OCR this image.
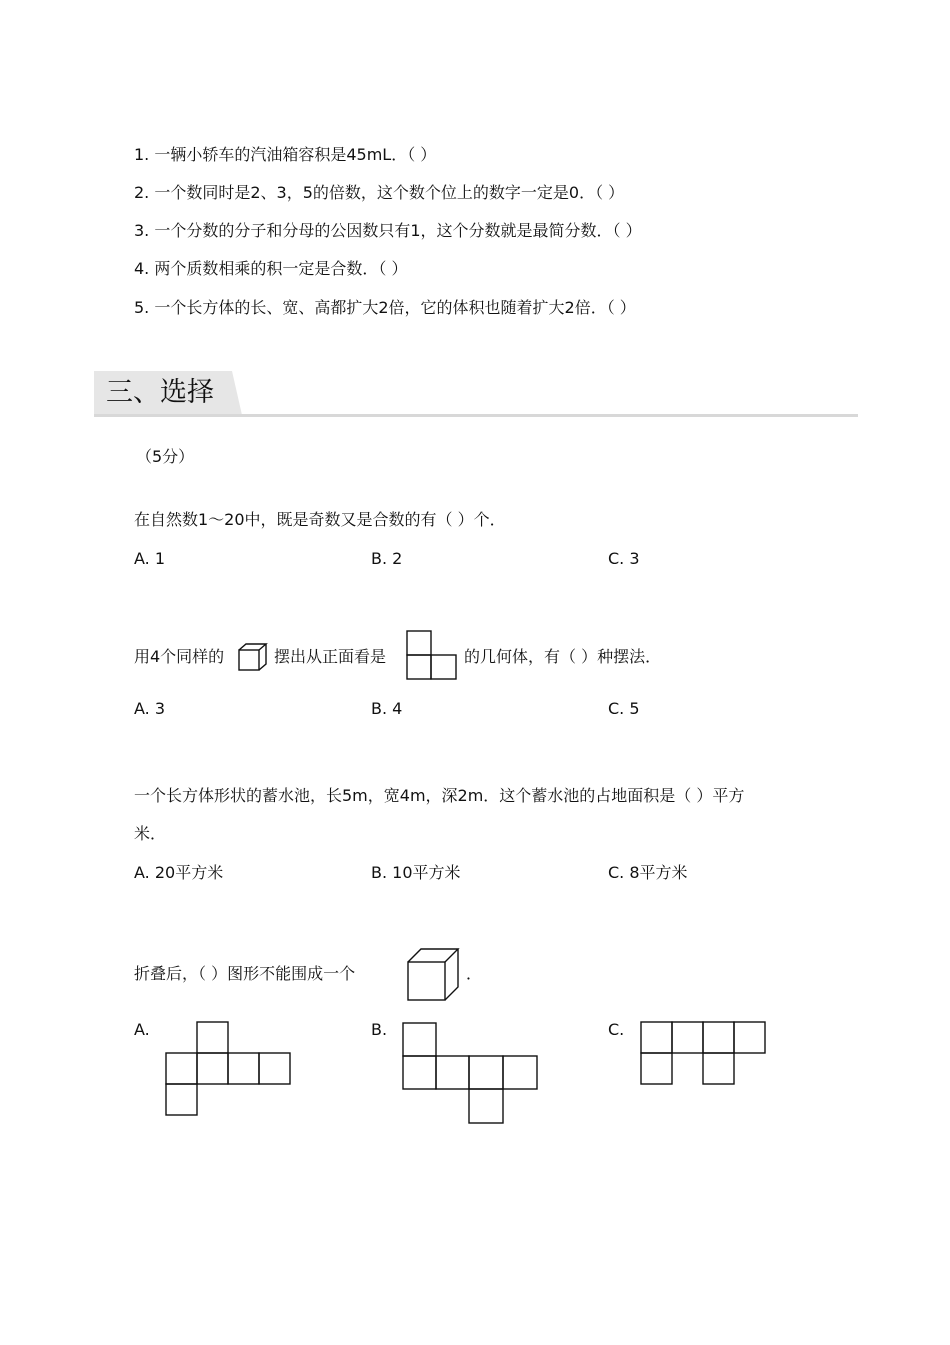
1. 一辆小轿车的汽油箱容积是45mL．（ ）
2. 一个数同时是2、3，5的倍数，这个数个位上的数字一定是0．（ ）
3. 一个分数的分子和分母的公因数只有1，这个分数就是最简分数．（ ）
4. 两个质数相乘的积一定是合数．（ ）
5. 一个长方体的长、宽、高都扩大2倍，它的体积也随着扩大2倍．（ ）
三、选择
（5分）
在自然数1～20中，既是奇数又是合数的有（ ）个．
A. 1	B. 2	C. 3
用4个同样的	摆出从正面看是	的几何体，有（ ）种摆法．
A. 3	B. 4	C. 5
一个长方体形状的蓄水池，长5m，宽4m，深2m．这个蓄水池的占地面积是（ ）平方
米．
A. 20平方米	B. 10平方米	C. 8平方米
折叠后，（ ）图形不能围成一个	．
A.	B.	C.
